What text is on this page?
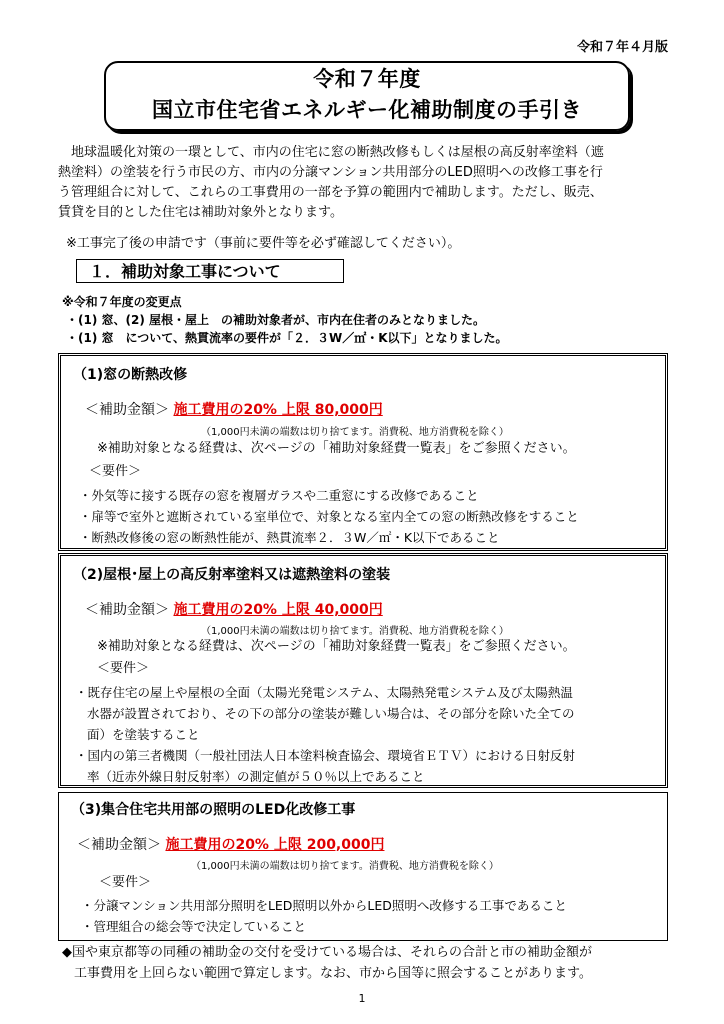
令和７年４月版
令和７年度
国立市住宅省エネルギー化補助制度の手引き

地球温暖化対策の一環として、市内の住宅に窓の断熱改修もしくは屋根の高反射率塗料（遮

熱塗料）の塗装を行う市民の方、市内の分譲マンション共用部分のLED照明への改修工事を行

う管理組合に対して、これらの工事費用の一部を予算の範囲内で補助します。ただし、販売、

賃貸を目的とした住宅は補助対象外となります。

※工事完了後の申請です（事前に要件等を必ず確認してください）。
１．補助対象工事について
※令和７年度の変更点
・(1) 窓、(2) 屋根・屋上　の補助対象者が、市内在住者のみとなりました。
・(1) 窓　について、熱貫流率の要件が「２．３W／㎡・K以下」となりました。
（1)窓の断熱改修
＜補助金額＞ 施工費用の20% 上限 80,000円
（1,000円未満の端数は切り捨てます。消費税、地方消費税を除く）
※補助対象となる経費は、次ページの「補助対象経費一覧表」をご参照ください。
＜要件＞
・外気等に接する既存の窓を複層ガラスや二重窓にする改修であること
・扉等で室外と遮断されている室単位で、対象となる室内全ての窓の断熱改修をすること
・断熱改修後の窓の断熱性能が、熱貫流率２．３W／㎡・K以下であること
（2)屋根･屋上の高反射率塗料又は遮熱塗料の塗装
＜補助金額＞ 施工費用の20% 上限 40,000円
（1,000円未満の端数は切り捨てます。消費税、地方消費税を除く）
※補助対象となる経費は、次ページの「補助対象経費一覧表」をご参照ください。
＜要件＞
・既存住宅の屋上や屋根の全面（太陽光発電システム、太陽熱発電システム及び太陽熱温
水器が設置されており、その下の部分の塗装が難しい場合は、その部分を除いた全ての
面）を塗装すること
・国内の第三者機関（一般社団法人日本塗料検査協会、環境省ＥＴＶ）における日射反射
率（近赤外線日射反射率）の測定値が５０％以上であること
（3)集合住宅共用部の照明のLED化改修工事
＜補助金額＞ 施工費用の20% 上限 200,000円
（1,000円未満の端数は切り捨てます。消費税、地方消費税を除く）
＜要件＞
・分譲マンション共用部分照明をLED照明以外からLED照明へ改修する工事であること
・管理組合の総会等で決定していること
◆国や東京都等の同種の補助金の交付を受けている場合は、それらの合計と市の補助金額が
工事費用を上回らない範囲で算定します。なお、市から国等に照会することがあります。
1
